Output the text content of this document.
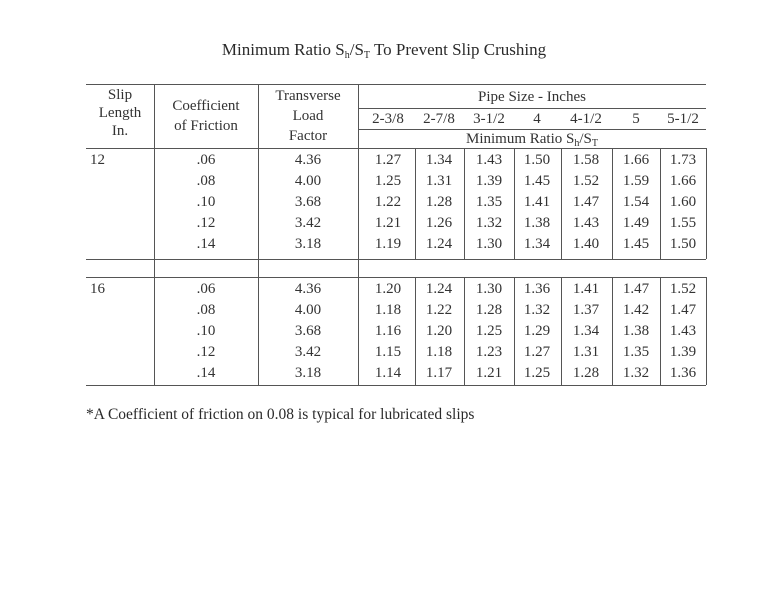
Minimum Ratio $S_h/S_T$ To Prevent Slip Crushing
Slip
Length
In.
Coefficient
of Friction
Transverse
Load
Factor
Pipe Size - Inches
2-3/8	2-7/8	3-1/2	4	4-1/2	5	5-1/2
Minimum Ratio $S_h/S_T$
12	.06	4.36	1.27	1.34	1.43	1.50	1.58	1.66	1.73
.08	4.00	1.25	1.31	1.39	1.45	1.52	1.59	1.66
.10	3.68	1.22	1.28	1.35	1.41	1.47	1.54	1.60
.12	3.42	1.21	1.26	1.32	1.38	1.43	1.49	1.55
.14	3.18	1.19	1.24	1.30	1.34	1.40	1.45	1.50
16	.06	4.36	1.20	1.24	1.30	1.36	1.41	1.47	1.52
.08	4.00	1.18	1.22	1.28	1.32	1.37	1.42	1.47
.10	3.68	1.16	1.20	1.25	1.29	1.34	1.38	1.43
.12	3.42	1.15	1.18	1.23	1.27	1.31	1.35	1.39
.14	3.18	1.14	1.17	1.21	1.25	1.28	1.32	1.36
*A Coefficient of friction on 0.08 is typical for lubricated slips
